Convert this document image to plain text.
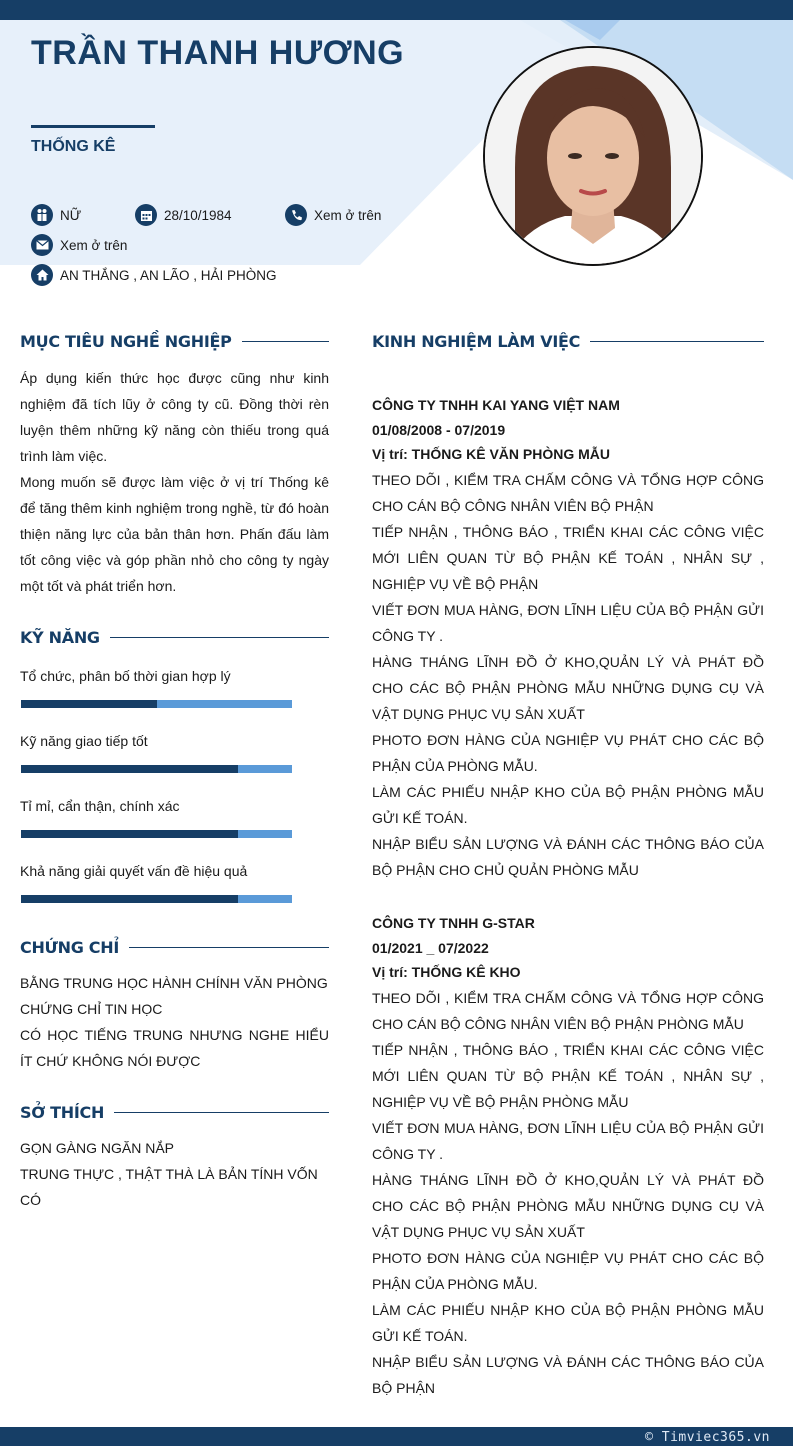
TRẦN THANH HƯƠNG
THỐNG KÊ
NỮ	28/10/1984	Xem ở trên
Xem ở trên
AN THẮNG , AN LÃO , HẢI PHÒNG
MỤC TIÊU NGHỀ NGHIỆP
Áp dụng kiến thức học được cũng như kinh nghiệm đã tích lũy ở công ty cũ. Đồng thời rèn luyện thêm những kỹ năng còn thiếu trong quá trình làm việc.
Mong muốn sẽ được làm việc ở vị trí Thống kê để tăng thêm kinh nghiệm trong nghề, từ đó hoàn thiện năng lực của bản thân hơn. Phấn đấu làm tốt công việc và góp phần nhỏ cho công ty ngày một tốt và phát triển hơn.
KỸ NĂNG
Tổ chức, phân bố thời gian hợp lý
Kỹ năng giao tiếp tốt
Tỉ mỉ, cẩn thận, chính xác
Khả năng giải quyết vấn đề hiệu quả
CHỨNG CHỈ
BẰNG TRUNG HỌC HÀNH CHÍNH VĂN PHÒNG
CHỨNG CHỈ TIN HỌC
CÓ HỌC TIẾNG TRUNG NHƯNG NGHE HIỂU ÍT CHỨ KHÔNG NÓI ĐƯỢC
SỞ THÍCH
GỌN GÀNG NGĂN NẮP
TRUNG THỰC , THẬT THÀ LÀ BẢN TÍNH VỐN CÓ
KINH NGHIỆM LÀM VIỆC
CÔNG TY TNHH KAI YANG VIỆT NAM
01/08/2008 - 07/2019
Vị trí: THỐNG KÊ VĂN PHÒNG MẪU
THEO DÕI , KIỂM TRA CHẤM CÔNG VÀ TỔNG HỢP CÔNG CHO CÁN BỘ CÔNG NHÂN VIÊN BỘ PHẬN
TIẾP NHẬN , THÔNG BÁO , TRIỂN KHAI CÁC CÔNG VIỆC MỚI LIÊN QUAN TỪ BỘ PHẬN KẾ TOÁN , NHÂN SỰ , NGHIỆP VỤ VỀ BỘ PHẬN
VIẾT ĐƠN MUA HÀNG, ĐƠN LĨNH LIỆU CỦA BỘ PHẬN GỬI CÔNG TY .
HÀNG THÁNG LĨNH ĐỒ Ở KHO,QUẢN LÝ VÀ PHÁT ĐỒ CHO CÁC BỘ PHẬN PHÒNG MẪU NHỮNG DỤNG CỤ VÀ VẬT DỤNG PHỤC VỤ SẢN XUẤT
PHOTO ĐƠN HÀNG CỦA NGHIỆP VỤ PHÁT CHO CÁC BỘ PHẬN CỦA PHÒNG MẪU.
LÀM CÁC PHIẾU NHẬP KHO CỦA BỘ PHẬN PHÒNG MẪU GỬI KẾ TOÁN.
NHẬP BIỂU SẢN LƯỢNG VÀ ĐÁNH CÁC THÔNG BÁO CỦA BỘ PHẬN CHO CHỦ QUẢN PHÒNG MẪU
CÔNG TY TNHH G-STAR
01/2021 _ 07/2022
Vị trí: THỐNG KÊ KHO
THEO DÕI , KIỂM TRA CHẤM CÔNG VÀ TỔNG HỢP CÔNG CHO CÁN BỘ CÔNG NHÂN VIÊN BỘ PHẬN PHÒNG MẪU
TIẾP NHẬN , THÔNG BÁO , TRIỂN KHAI CÁC CÔNG VIỆC MỚI LIÊN QUAN TỪ BỘ PHẬN KẾ TOÁN , NHÂN SỰ , NGHIỆP VỤ VỀ BỘ PHẬN PHÒNG MẪU
VIẾT ĐƠN MUA HÀNG, ĐƠN LĨNH LIỆU CỦA BỘ PHẬN GỬI CÔNG TY .
HÀNG THÁNG LĨNH ĐỒ Ở KHO,QUẢN LÝ VÀ PHÁT ĐỒ CHO CÁC BỘ PHẬN PHÒNG MẪU NHỮNG DỤNG CỤ VÀ VẬT DỤNG PHỤC VỤ SẢN XUẤT
PHOTO ĐƠN HÀNG CỦA NGHIỆP VỤ PHÁT CHO CÁC BỘ PHẬN CỦA PHÒNG MẪU.
LÀM CÁC PHIẾU NHẬP KHO CỦA BỘ PHẬN PHÒNG MẪU GỬI KẾ TOÁN.
NHẬP BIỂU SẢN LƯỢNG VÀ ĐÁNH CÁC THÔNG BÁO CỦA BỘ PHẬN
© Timviec365.vn
